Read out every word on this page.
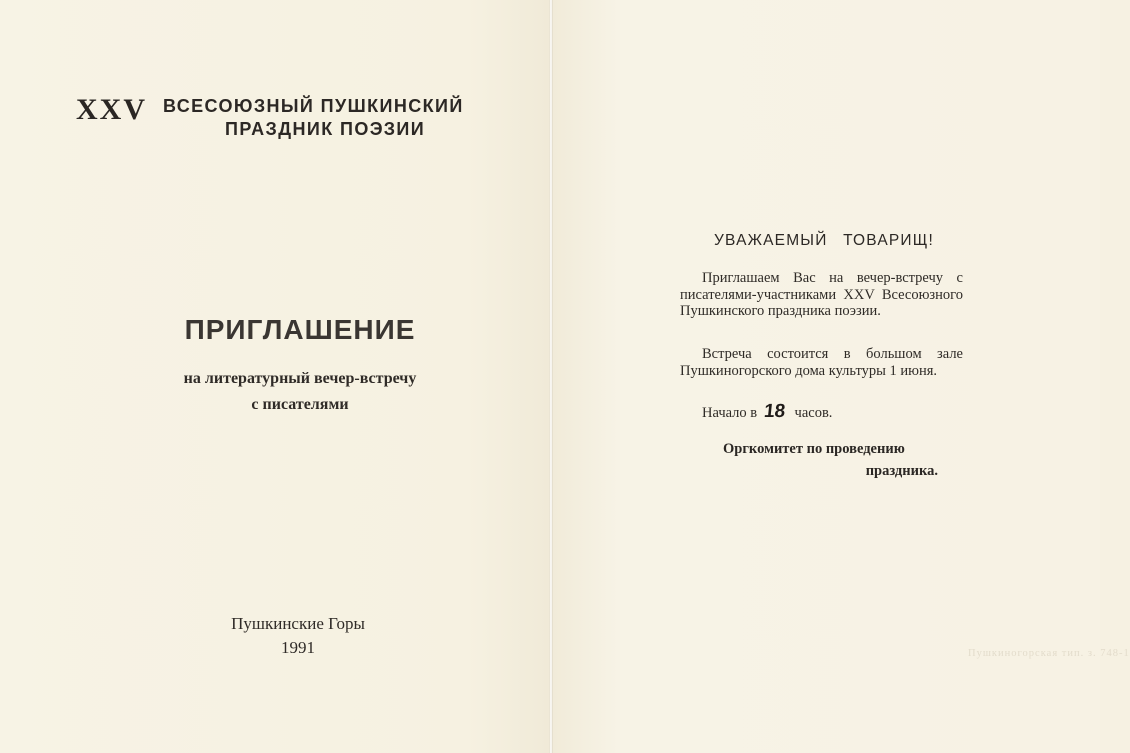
XXV ВСЕСОЮЗНЫЙ ПУШКИНСКИЙ
ПРАЗДНИК ПОЭЗИИ
ПРИГЛАШЕНИЕ
на литературный вечер-встречу
с писателями
Пушкинские Горы
1991
УВАЖАЕМЫЙ ТОВАРИЩ!
Приглашаем Вас на вечер-встречу с писателями-участниками XXV Всесоюзного Пушкинского праздника поэзии.
Встреча состоится в большом зале Пушкиногорского дома культуры 1 июня.
Начало в 18 часов.
Оргкомитет по проведению
праздника.
Пушкиногорская тип. з. 748-1
